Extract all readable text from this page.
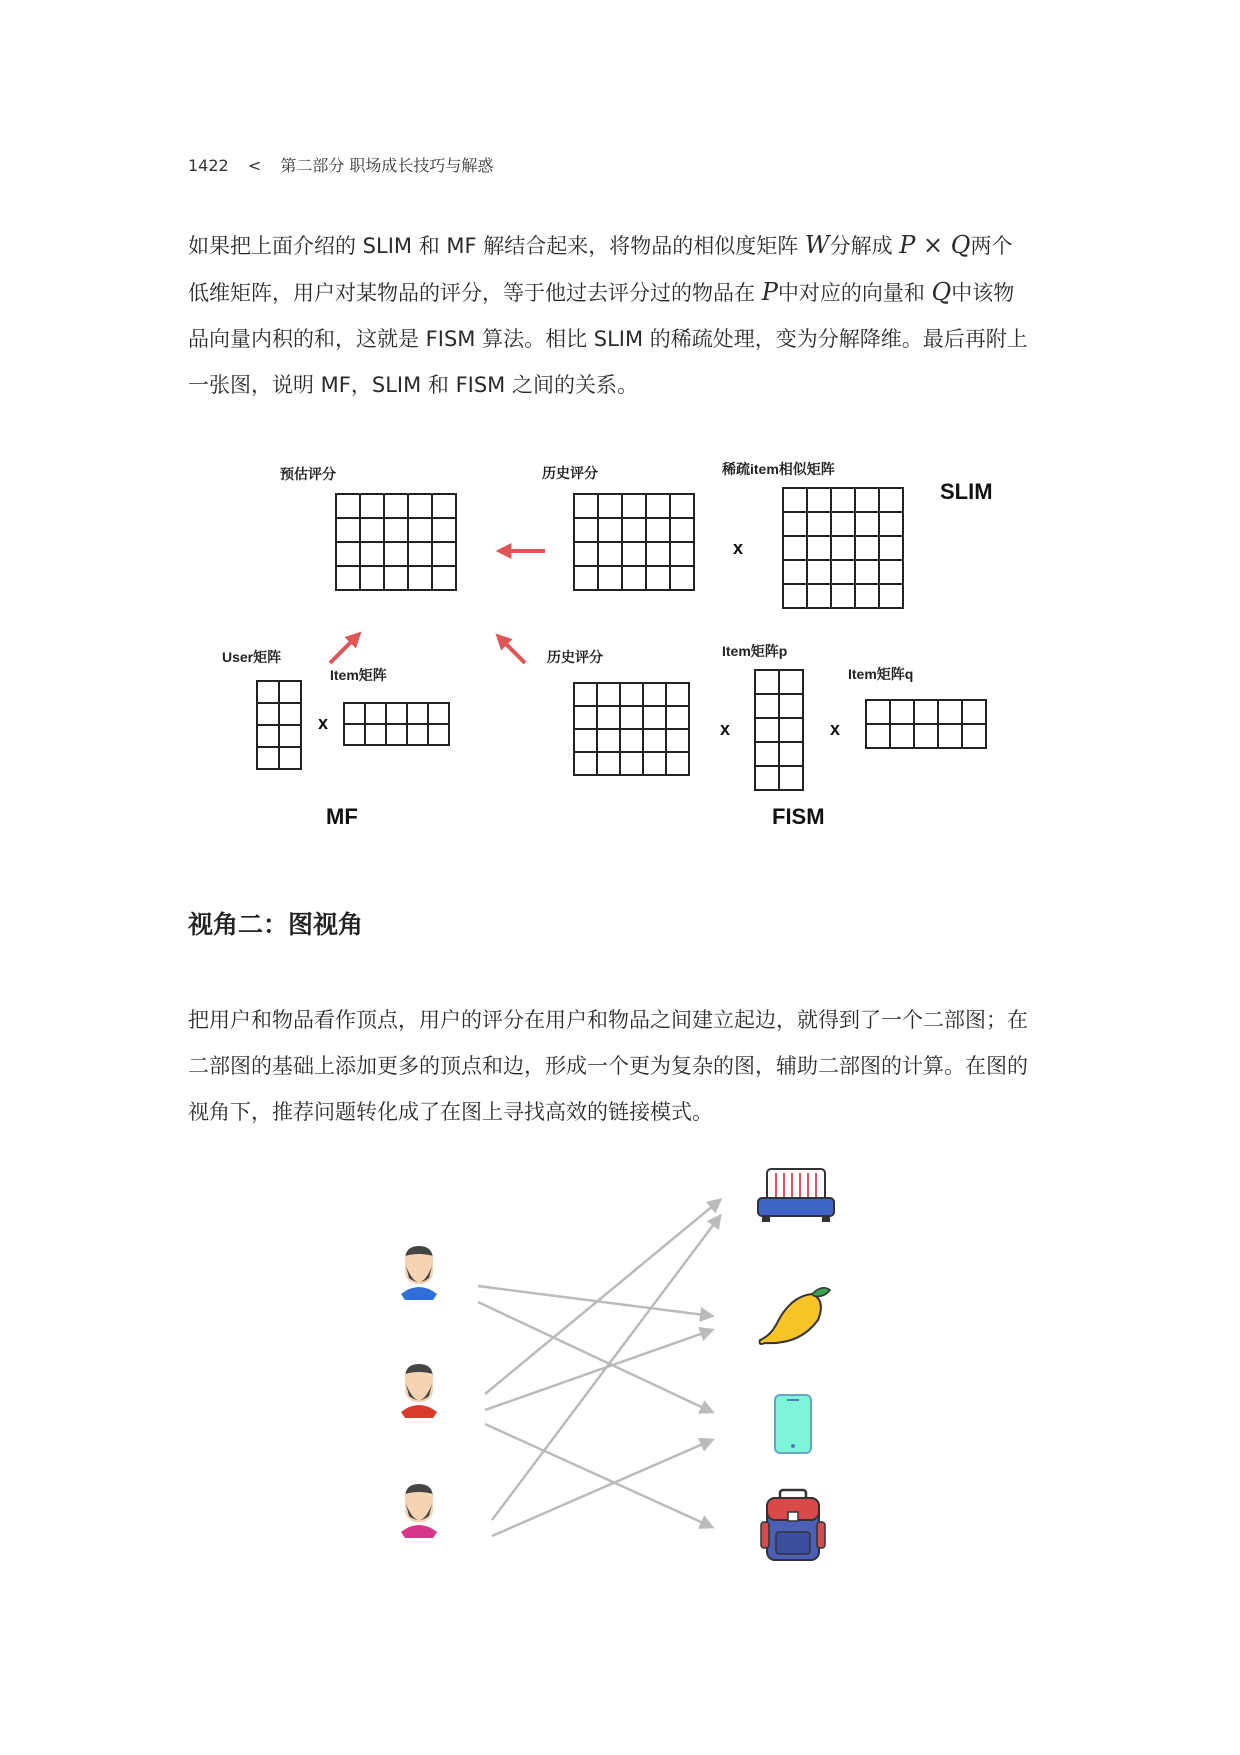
1422 < 第二部分 职场成长技巧与解惑

如果把上面介绍的 SLIM 和 MF 解结合起来，将物品的相似度矩阵 W分解成 P × Q两个

低维矩阵，用户对某物品的评分，等于他过去评分过的物品在 P中对应的向量和 Q中该物

品向量内积的和，这就是 FISM 算法。相比 SLIM 的稀疏处理，变为分解降维。最后再附上

一张图，说明 MF，SLIM 和 FISM 之间的关系。

预估评分	历史评分	稀疏item相似矩阵
SLIM
x
User矩阵
Item矩阵
x
历史评分	Item矩阵p
Item矩阵q
x	x
MF	FISM
视角二：图视角

把用户和物品看作顶点，用户的评分在用户和物品之间建立起边，就得到了一个二部图；在

二部图的基础上添加更多的顶点和边，形成一个更为复杂的图，辅助二部图的计算。在图的

视角下，推荐问题转化成了在图上寻找高效的链接模式。
